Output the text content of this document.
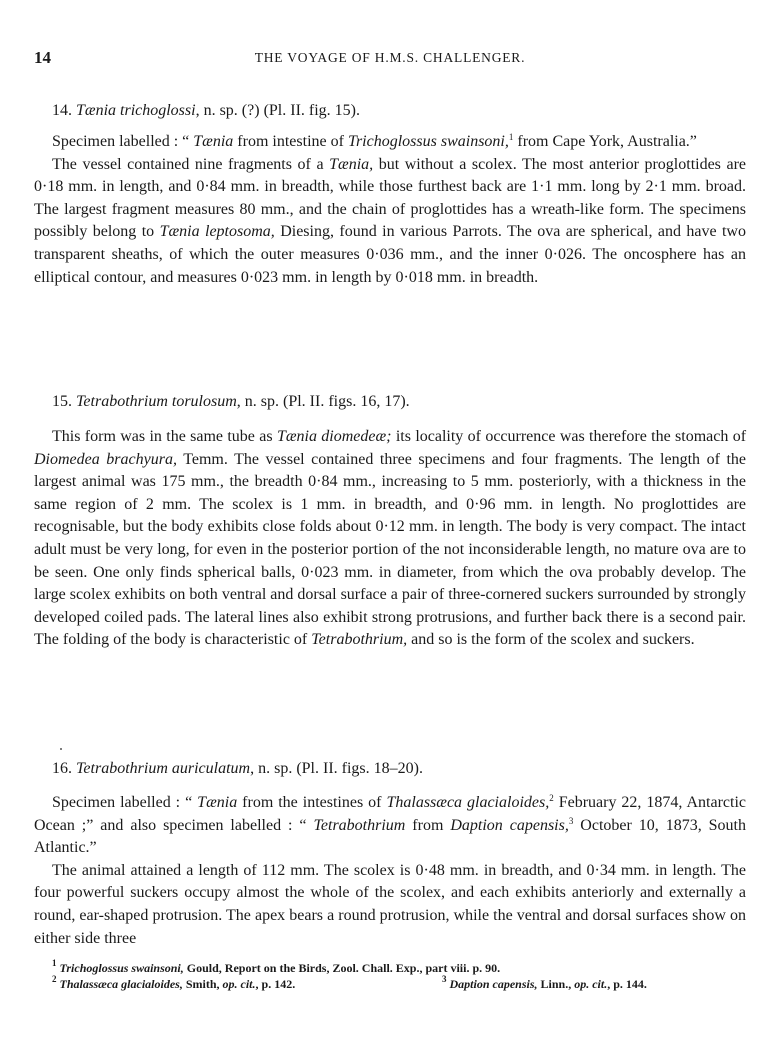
14	THE VOYAGE OF H.M.S. CHALLENGER.
14. Tænia trichoglossi, n. sp. (?) (Pl. II. fig. 15).

Specimen labelled : “ Tænia from intestine of Trichoglossus swainsoni,$^1$ from Cape York, Australia.”

The vessel contained nine fragments of a Tænia, but without a scolex. The most anterior proglottides are 0·18 mm. in length, and 0·84 mm. in breadth, while those furthest back are 1·1 mm. long by 2·1 mm. broad. The largest fragment measures 80 mm., and the chain of proglottides has a wreath-like form. The specimens possibly belong to Tænia leptosoma, Diesing, found in various Parrots. The ova are spherical, and have two transparent sheaths, of which the outer measures 0·036 mm., and the inner 0·026. The oncosphere has an elliptical contour, and measures 0·023 mm. in length by 0·018 mm. in breadth.

15. Tetrabothrium torulosum, n. sp. (Pl. II. figs. 16, 17).

This form was in the same tube as Tænia diomedeæ; its locality of occurrence was therefore the stomach of Diomedea brachyura, Temm. The vessel contained three specimens and four fragments. The length of the largest animal was 175 mm., the breadth 0·84 mm., increasing to 5 mm. posteriorly, with a thickness in the same region of 2 mm. The scolex is 1 mm. in breadth, and 0·96 mm. in length. No proglottides are recognisable, but the body exhibits close folds about 0·12 mm. in length. The body is very compact. The intact adult must be very long, for even in the posterior portion of the not inconsiderable length, no mature ova are to be seen. One only finds spherical balls, 0·023 mm. in diameter, from which the ova probably develop. The large scolex exhibits on both ventral and dorsal surface a pair of three-cornered suckers surrounded by strongly developed coiled pads. The lateral lines also exhibit strong protrusions, and further back there is a second pair. The folding of the body is characteristic of Tetrabothrium, and so is the form of the scolex and suckers.

16. Tetrabothrium auriculatum, n. sp. (Pl. II. figs. 18–20).

Specimen labelled : “ Tænia from the intestines of Thalassæca glacialoides,$^2$ February 22, 1874, Antarctic Ocean ;” and also specimen labelled : “ Tetrabothrium from Daption capensis,$^3$ October 10, 1873, South Atlantic.”

The animal attained a length of 112 mm. The scolex is 0·48 mm. in breadth, and 0·34 mm. in length. The four powerful suckers occupy almost the whole of the scolex, and each exhibits anteriorly and externally a round, ear-shaped protrusion. The apex bears a round protrusion, while the ventral and dorsal surfaces show on either side three

$^1$ Trichoglossus swainsoni, Gould, Report on the Birds, Zool. Chall. Exp., part viii. p. 90.
$^2$ Thalassæca glacialoides, Smith, op. cit., p. 142.	$^3$ Daption capensis, Linn., op. cit., p. 144.
